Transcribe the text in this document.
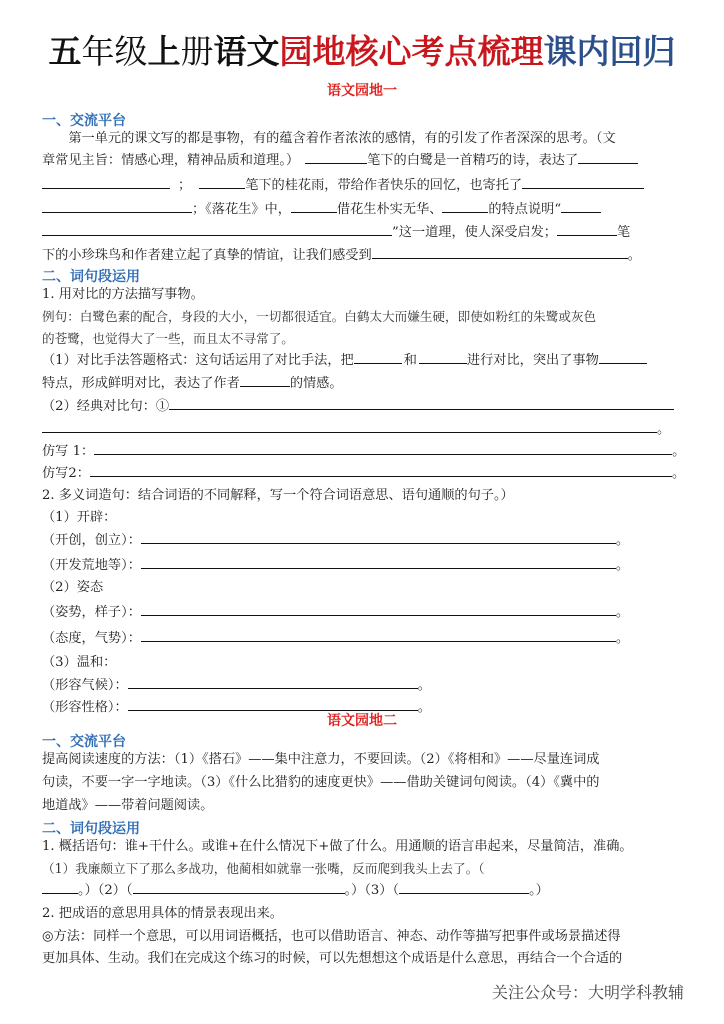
五年级上册语文园地核心考点梳理课内回归
语文园地一
一、交流平台
　　第一单元的课文写的都是事物，有的蕴含着作者浓浓的感情，有的引发了作者深深的思考。（文
章常见主旨：情感心理，精神品质和道理。）	笔下的白鹭是一首精巧的诗，表达了
；	笔下的桂花雨，带给作者快乐的回忆，也寄托了
；《落花生》中，	借花生朴实无华、	的特点说明“
”这一道理，使人深受启发；	笔
下的小珍珠鸟和作者建立起了真挚的情谊，让我们感受到	。
二、词句段运用
1. 用对比的方法描写事物。
例句：白鹭色素的配合，身段的大小，一切都很适宜。白鹤太大而嫌生硬，即使如粉红的朱鹭或灰色
的苍鹭，也觉得大了一些，而且太不寻常了。
（1）对比手法答题格式：这句话运用了对比手法，把	和	进行对比，突出了事物
特点，形成鲜明对比，表达了作者	的情感。
（2）经典对比句：①
。
仿写 1：	。
仿写2：	。
2. 多义词造句：结合词语的不同解释，写一个符合词语意思、语句通顺的句子。）
（1）开辟：
（开创，创立）：	。
（开发荒地等）：	。
（2）姿态
（姿势，样子）：	。
（态度，气势）：	。
（3）温和：
（形容气候）：	。
（形容性格）：	。
语文园地二
一、交流平台
提高阅读速度的方法：（1）《搭石》——集中注意力，不要回读。（2）《将相和》——尽量连词成
句读，不要一字一字地读。（3）《什么比猎豹的速度更快》——借助关键词句阅读。（4）《冀中的
地道战》——带着问题阅读。
二、词句段运用
1. 概括语句：谁+干什么。或谁+在什么情况下+做了什么。用通顺的语言串起来，尽量简洁，准确。
（1）我廉颇立下了那么多战功，他蔺相如就靠一张嘴，反而爬到我头上去了。（
。）（2）（	。）（3）（	。）
2. 把成语的意思用具体的情景表现出来。
◎方法：同样一个意思，可以用词语概括，也可以借助语言、神态、动作等描写把事件或场景描述得
更加具体、生动。我们在完成这个练习的时候，可以先想想这个成语是什么意思，再结合一个合适的
关注公众号：大明学科教辅
